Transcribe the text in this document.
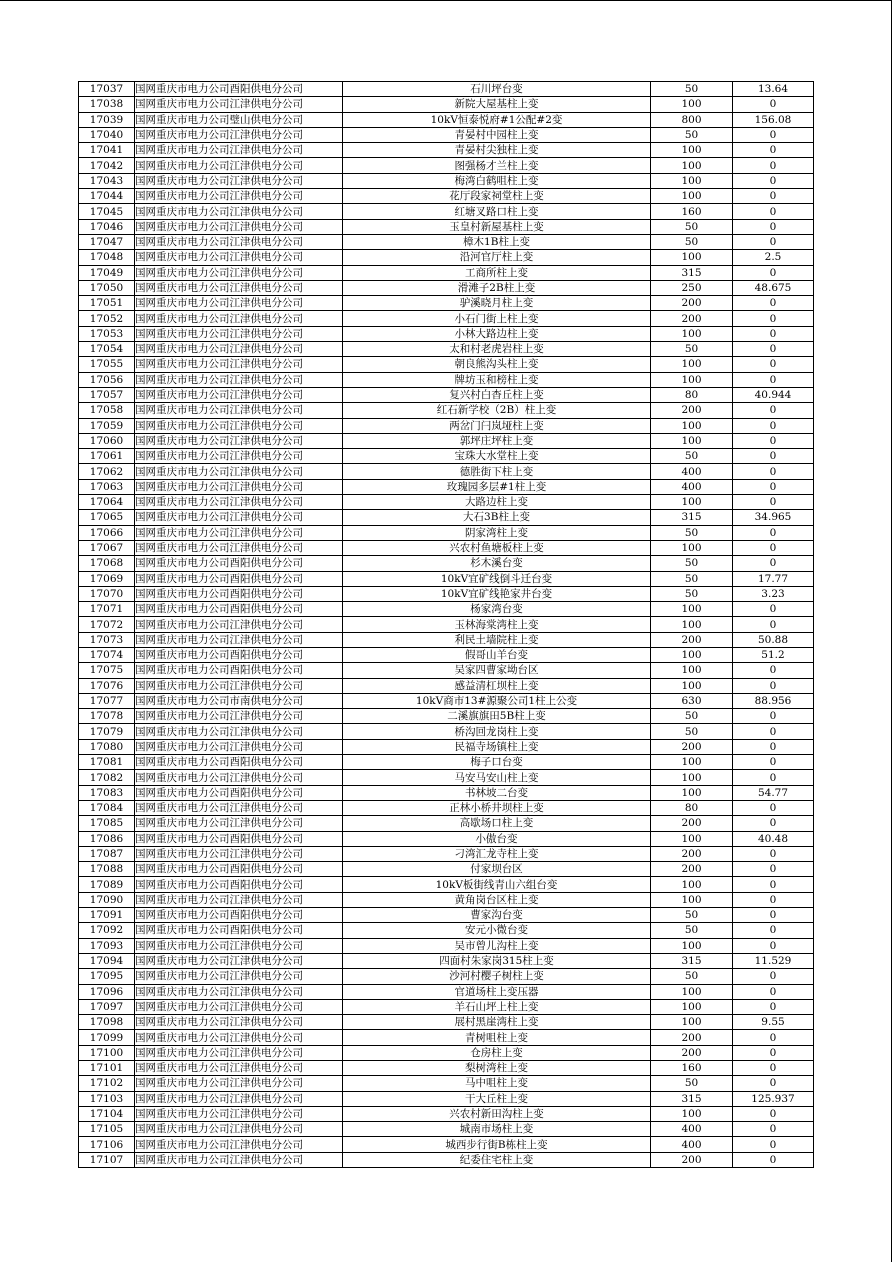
17037	国网重庆市电力公司酉阳供电分公司	石川坪台变	50	13.64
17038	国网重庆市电力公司江津供电分公司	新院大屋基柱上变	100	0
17039	国网重庆市电力公司璧山供电分公司	10kV恒泰悦府#1公配#2变	800	156.08
17040	国网重庆市电力公司江津供电分公司	青晏村中园柱上变	50	0
17041	国网重庆市电力公司江津供电分公司	青晏村尖独柱上变	100	0
17042	国网重庆市电力公司江津供电分公司	图强杨才兰柱上变	100	0
17043	国网重庆市电力公司江津供电分公司	梅湾白鹤咀柱上变	100	0
17044	国网重庆市电力公司江津供电分公司	花厅段家祠堂柱上变	100	0
17045	国网重庆市电力公司江津供电分公司	红塘叉路口柱上变	160	0
17046	国网重庆市电力公司江津供电分公司	玉皇村新屋基柱上变	50	0
17047	国网重庆市电力公司江津供电分公司	樟木1B柱上变	50	0
17048	国网重庆市电力公司江津供电分公司	沿河官厅柱上变	100	2.5
17049	国网重庆市电力公司江津供电分公司	工商所柱上变	315	0
17050	国网重庆市电力公司江津供电分公司	滑滩子2B柱上变	250	48.675
17051	国网重庆市电力公司江津供电分公司	驴溪晓月柱上变	200	0
17052	国网重庆市电力公司江津供电分公司	小石门街上柱上变	200	0
17053	国网重庆市电力公司江津供电分公司	小林大路边柱上变	100	0
17054	国网重庆市电力公司江津供电分公司	太和村老虎岩柱上变	50	0
17055	国网重庆市电力公司江津供电分公司	朝良熊沟头柱上变	100	0
17056	国网重庆市电力公司江津供电分公司	牌坊玉和榜柱上变	100	0
17057	国网重庆市电力公司江津供电分公司	复兴村白杳丘柱上变	80	40.944
17058	国网重庆市电力公司江津供电分公司	红石新学校（2B）柱上变	200	0
17059	国网重庆市电力公司江津供电分公司	两岔门闩岚垭柱上变	100	0
17060	国网重庆市电力公司江津供电分公司	郭坪庄坪柱上变	100	0
17061	国网重庆市电力公司江津供电分公司	宝珠大水堂柱上变	50	0
17062	国网重庆市电力公司江津供电分公司	德胜街下柱上变	400	0
17063	国网重庆市电力公司江津供电分公司	玫瑰园多层#1柱上变	400	0
17064	国网重庆市电力公司江津供电分公司	大路边柱上变	100	0
17065	国网重庆市电力公司江津供电分公司	大石3B柱上变	315	34.965
17066	国网重庆市电力公司江津供电分公司	阴家湾柱上变	50	0
17067	国网重庆市电力公司江津供电分公司	兴农村鱼塘板柱上变	100	0
17068	国网重庆市电力公司酉阳供电分公司	杉木溪台变	50	0
17069	国网重庆市电力公司酉阳供电分公司	10kV宜矿线倒斗迁台变	50	17.77
17070	国网重庆市电力公司酉阳供电分公司	10kV宜矿线艳家井台变	50	3.23
17071	国网重庆市电力公司酉阳供电分公司	杨家湾台变	100	0
17072	国网重庆市电力公司江津供电分公司	玉林海棠湾柱上变	100	0
17073	国网重庆市电力公司江津供电分公司	利民土墙院柱上变	200	50.88
17074	国网重庆市电力公司酉阳供电分公司	假哥山羊台变	100	51.2
17075	国网重庆市电力公司酉阳供电分公司	吴家四曹家坳台区	100	0
17076	国网重庆市电力公司江津供电分公司	感益清杠坝柱上变	100	0
17077	国网重庆市电力公司市南供电分公司	10kV商市13#源聚公司1柱上公变	630	88.956
17078	国网重庆市电力公司江津供电分公司	二溪旗旗田5B柱上变	50	0
17079	国网重庆市电力公司江津供电分公司	桥沟回龙岗柱上变	50	0
17080	国网重庆市电力公司江津供电分公司	民福寺场镇柱上变	200	0
17081	国网重庆市电力公司酉阳供电分公司	梅子口台变	100	0
17082	国网重庆市电力公司江津供电分公司	马安马安山柱上变	100	0
17083	国网重庆市电力公司酉阳供电分公司	书林坡二台变	100	54.77
17084	国网重庆市电力公司江津供电分公司	正林小桥井坝柱上变	80	0
17085	国网重庆市电力公司江津供电分公司	高歇场口柱上变	200	0
17086	国网重庆市电力公司酉阳供电分公司	小傲台变	100	40.48
17087	国网重庆市电力公司江津供电分公司	刁湾汇龙寺柱上变	200	0
17088	国网重庆市电力公司酉阳供电分公司	付家坝台区	200	0
17089	国网重庆市电力公司酉阳供电分公司	10kV板街线青山六组台变	100	0
17090	国网重庆市电力公司江津供电分公司	黄角岗台区柱上变	100	0
17091	国网重庆市电力公司酉阳供电分公司	曹家沟台变	50	0
17092	国网重庆市电力公司酉阳供电分公司	安元小微台变	50	0
17093	国网重庆市电力公司江津供电分公司	吴市曾儿沟柱上变	100	0
17094	国网重庆市电力公司江津供电分公司	四面村朱家岗315柱上变	315	11.529
17095	国网重庆市电力公司江津供电分公司	沙河村樱子树柱上变	50	0
17096	国网重庆市电力公司江津供电分公司	官道场柱上变压器	100	0
17097	国网重庆市电力公司江津供电分公司	羊石山坪上柱上变	100	0
17098	国网重庆市电力公司江津供电分公司	展村黑崖湾柱上变	100	9.55
17099	国网重庆市电力公司江津供电分公司	青树咀柱上变	200	0
17100	国网重庆市电力公司江津供电分公司	仓房柱上变	200	0
17101	国网重庆市电力公司江津供电分公司	梨树湾柱上变	160	0
17102	国网重庆市电力公司江津供电分公司	马中咀柱上变	50	0
17103	国网重庆市电力公司江津供电分公司	干大丘柱上变	315	125.937
17104	国网重庆市电力公司江津供电分公司	兴农村新田沟柱上变	100	0
17105	国网重庆市电力公司江津供电分公司	城南市场柱上变	400	0
17106	国网重庆市电力公司江津供电分公司	城西步行街B栋柱上变	400	0
17107	国网重庆市电力公司江津供电分公司	纪委住宅柱上变	200	0
